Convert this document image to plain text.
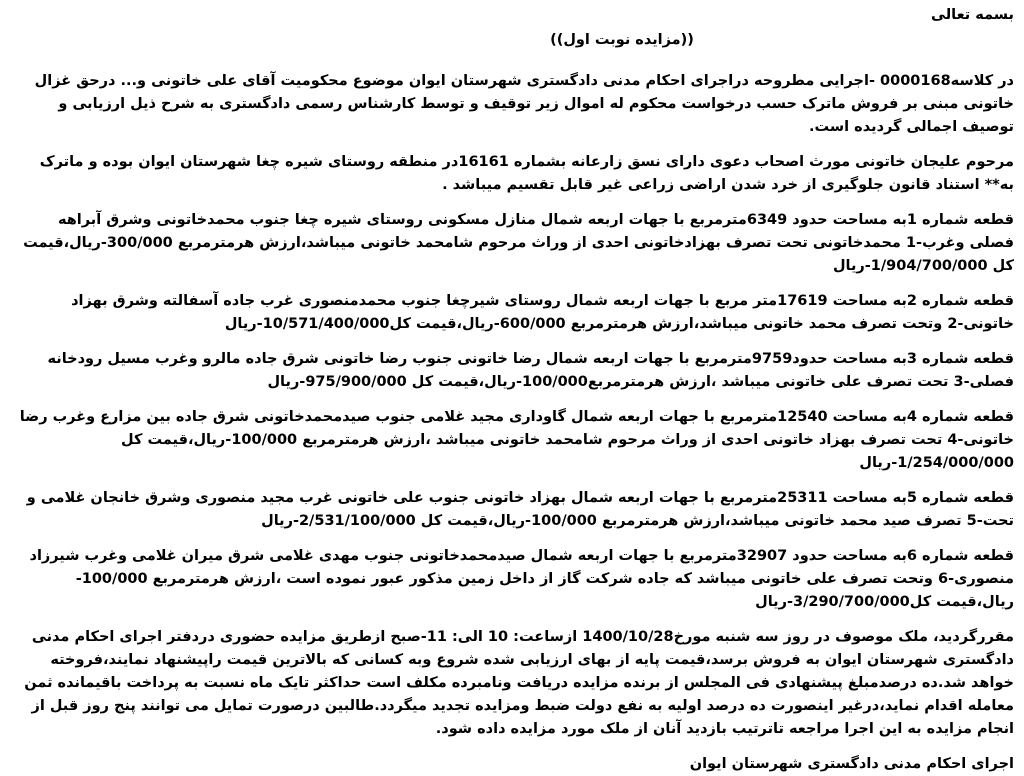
بسمه تعالی
((مزایده نوبت اول))
در کلاسه0000168 -اجرایی مطروحه دراجرای احکام مدنی دادگستری شهرستان ایوان موضوع محکومیت آقای علی خاتونی و... درحق غزال خاتونی مبنی بر فروش ماترک حسب درخواست محکوم له اموال زیر توقیف و توسط کارشناس رسمی دادگستری به شرح ذیل ارزیابی و توصیف اجمالی گردیده است.
مرحوم علیجان خاتونی مورث اصحاب دعوی دارای نسق زارعانه بشماره 16161در منطقه روستای شیره چغا شهرستان ایوان بوده و ماترک به** استناد قانون جلوگیری از خرد شدن اراضی زراعی غیر قابل تقسیم میباشد .
قطعه شماره 1به مساحت حدود 6349مترمربع با جهات اربعه شمال منازل مسکونی روستای شیره چغا جنوب محمدخاتونی وشرق آبراهه فصلی وغرب-1 محمدخاتونی تحت تصرف بهزادخاتونی احدی از وراث مرحوم شامحمد خاتونی میباشد،ارزش هرمترمربع 300/000-ریال،قیمت کل 1/904/700/000-ریال
قطعه شماره 2به مساحت 17619متر مربع با جهات اربعه شمال روستای شیرچغا جنوب محمدمنصوری غرب جاده آسفالته وشرق بهزاد خاتونی-2 وتحت تصرف محمد خاتونی میباشد،ارزش هرمترمربع 600/000-ریال،قیمت کل10/571/400/000-ریال
قطعه شماره 3به مساحت حدود9759مترمربع با جهات اربعه شمال رضا خاتونی جنوب رضا خاتونی شرق جاده مالرو وغرب مسیل رودخانه فصلی-3 تحت تصرف علی خاتونی میباشد ،ارزش هرمترمربع100/000-ریال،قیمت کل 975/900/000-ریال
قطعه شماره 4به مساحت 12540مترمربع با جهات اربعه شمال گاوداری مجید غلامی جنوب صیدمحمدخاتونی شرق جاده بین مزارع وغرب رضا خاتونی-4 تحت تصرف بهزاد خاتونی احدی از وراث مرحوم شامحمد خاتونی میباشد ،ارزش هرمترمربع 100/000-ریال،قیمت کل 1/254/000/000-ریال
قطعه شماره 5به مساحت 25311مترمربع با جهات اربعه شمال بهزاد خاتونی جنوب علی خاتونی غرب مجید منصوری وشرق خانجان غلامی و تحت-5 تصرف صید محمد خاتونی میباشد،ارزش هرمترمربع 100/000-ریال،قیمت کل 2/531/100/000-ریال
قطعه شماره 6به مساحت حدود 32907مترمربع با جهات اربعه شمال صیدمحمدخاتونی جنوب مهدی غلامی شرق میران غلامی وغرب شیرزاد منصوری-6 وتحت تصرف علی خاتونی میباشد که جاده شرکت گاز از داخل زمین مذکور عبور نموده است ،ارزش هرمترمربع 100/000-ریال،قیمت کل3/290/700/000-ریال
مقررگردید، ملک موصوف در روز سه شنبه مورخ1400/10/28 ازساعت: 10 الی: 11-صبح ازطریق مزایده حضوری دردفتر اجرای احکام مدنی دادگستری شهرستان ایوان به فروش برسد،قیمت پایه از بهای ارزیابی شده شروع وبه کسانی که بالاترین قیمت راپیشنهاد نمایند،فروخته خواهد شد.ده درصدمبلغ پیشنهادی فی المجلس از برنده مزایده دریافت ونامبرده مکلف است حداکثر تایک ماه نسبت به پرداخت باقیمانده ثمن معامله اقدام نماید،درغیر اینصورت ده درصد اولیه به نفع دولت ضبط ومزایده تجدید میگردد.طالبین درصورت تمایل می توانند پنج روز قبل از انجام مزایده به این اجرا مراجعه تاترتیب بازدید آنان از ملک مورد مزایده داده شود.
اجرای احکام مدنی دادگستری شهرستان ایوان
